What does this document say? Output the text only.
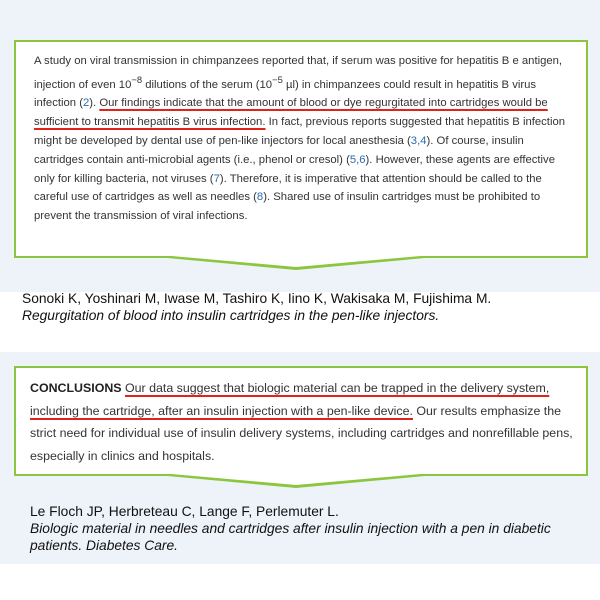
A study on viral transmission in chimpanzees reported that, if serum was positive for hepatitis B e antigen, injection of even $10^{-8}$ dilutions of the serum ($10^{-5}$ µl) in chimpanzees could result in hepatitis B virus infection (2). Our findings indicate that the amount of blood or dye regurgitated into cartridges would be sufficient to transmit hepatitis B virus infection. In fact, previous reports suggested that hepatitis B infection might be developed by dental use of pen-like injectors for local anesthesia (3,4). Of course, insulin cartridges contain anti-microbial agents (i.e., phenol or cresol) (5,6). However, these agents are effective only for killing bacteria, not viruses (7). Therefore, it is imperative that attention should be called to the careful use of cartridges as well as needles (8). Shared use of insulin cartridges must be prohibited to prevent the transmission of viral infections.

Sonoki K, Yoshinari M, Iwase M, Tashiro K, Iino K, Wakisaka M, Fujishima M.
Regurgitation of blood into insulin cartridges in the pen-like injectors.

CONCLUSIONS Our data suggest that biologic material can be trapped in the delivery system, including the cartridge, after an insulin injection with a pen-like device. Our results emphasize the strict need for individual use of insulin delivery systems, including cartridges and nonrefillable pens, especially in clinics and hospitals.

Le Floch JP, Herbreteau C, Lange F, Perlemuter L.
Biologic material in needles and cartridges after insulin injection with a pen in diabetic patients. Diabetes Care.
